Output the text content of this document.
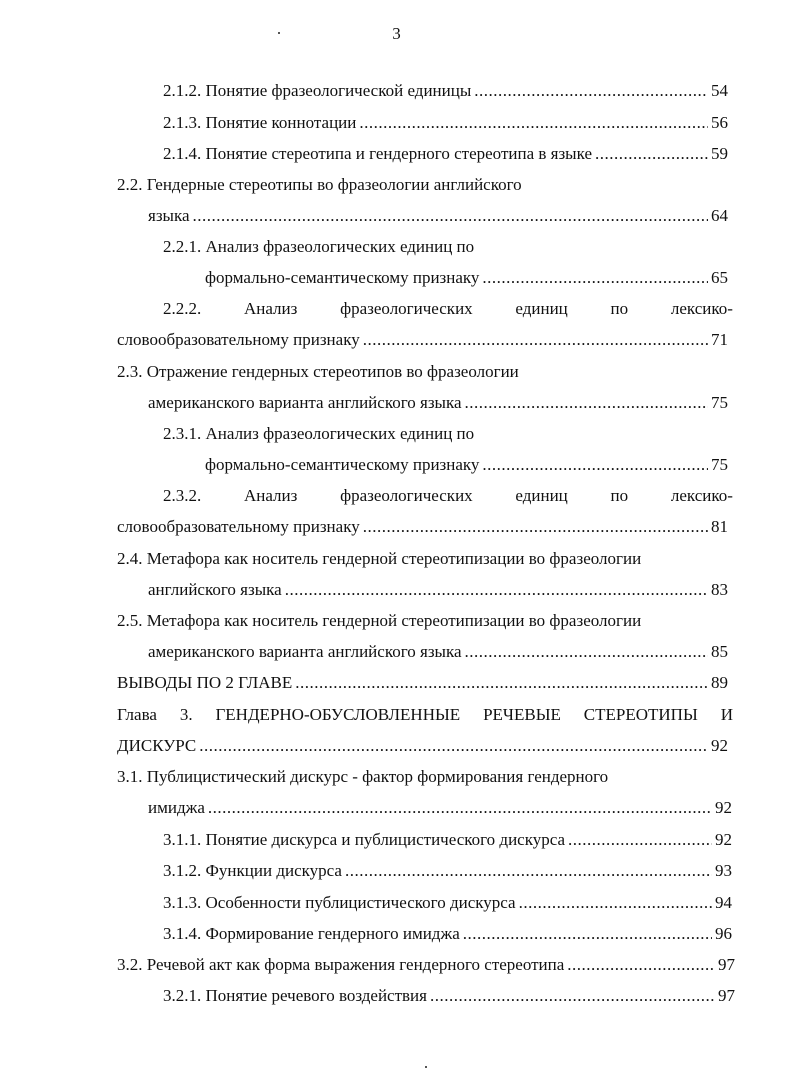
3
2.1.2. Понятие фразеологической единицы .....	54
2.1.3. Понятие коннотации .....	56
2.1.4. Понятие стереотипа и гендерного стереотипа в языке .....	59
2.2. Гендерные стереотипы во фразеологии английского
языка .....	64
2.2.1. Анализ фразеологических единиц по
формально-семантическому признаку .....	65
2.2.2.	Анализ	фразеологических	единиц	по	лексико-
словообразовательному признаку .....	71
2.3. Отражение гендерных стереотипов во фразеологии
американского варианта английского языка .....	75
2.3.1. Анализ фразеологических единиц по
формально-семантическому признаку .....	75
2.3.2.	Анализ	фразеологических	единиц	по	лексико-
словообразовательному признаку .....	81
2.4. Метафора как носитель гендерной стереотипизации во фразеологии
английского языка .....	83
2.5. Метафора как носитель гендерной стереотипизации во фразеологии
американского варианта английского языка .....	85
ВЫВОДЫ ПО 2 ГЛАВЕ .....	89
Глава 3. ГЕНДЕРНО-ОБУСЛОВЛЕННЫЕ РЕЧЕВЫЕ СТЕРЕОТИПЫ И
ДИСКУРС .....	92
3.1. Публицистический дискурс - фактор формирования гендерного
имиджа .....	92
3.1.1. Понятие дискурса и публицистического дискурса .....	92
3.1.2. Функции дискурса .....	93
3.1.3. Особенности публицистического дискурса .....	94
3.1.4. Формирование гендерного имиджа .....	96
3.2. Речевой акт как форма выражения гендерного стереотипа .....	97
3.2.1. Понятие речевого воздействия .....	97
